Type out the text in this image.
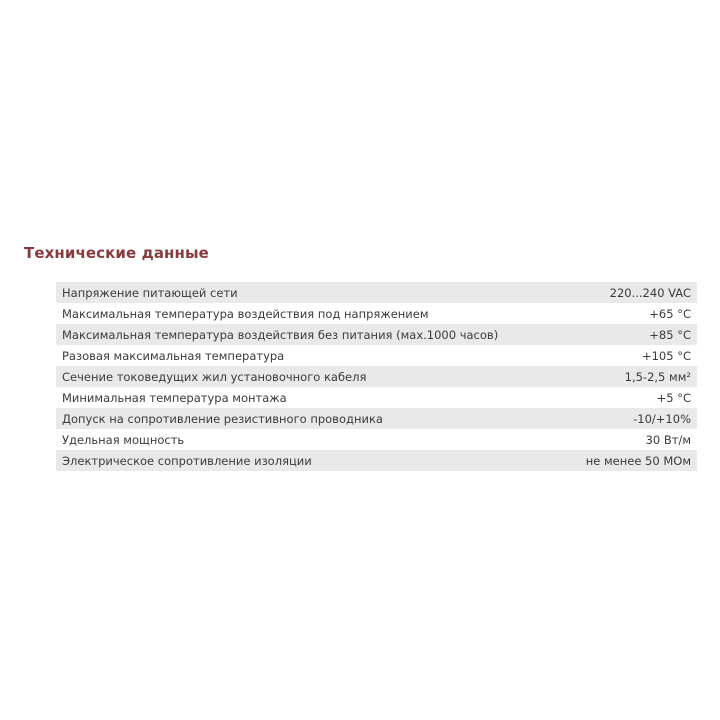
Технические данные
Напряжение питающей сети	220...240 VAC
Максимальная температура воздействия под напряжением	+65 °C
Максимальная температура воздействия без питания (мах.1000 часов)	+85 °C
Разовая максимальная температура	+105 °C
Сечение токоведущих жил установочного кабеля	1,5-2,5 мм²
Минимальная температура монтажа	+5 °C
Допуск на сопротивление резистивного проводника	-10/+10%
Удельная мощность	30 Вт/м
Электрическое сопротивление изоляции	не менее 50 МОм
